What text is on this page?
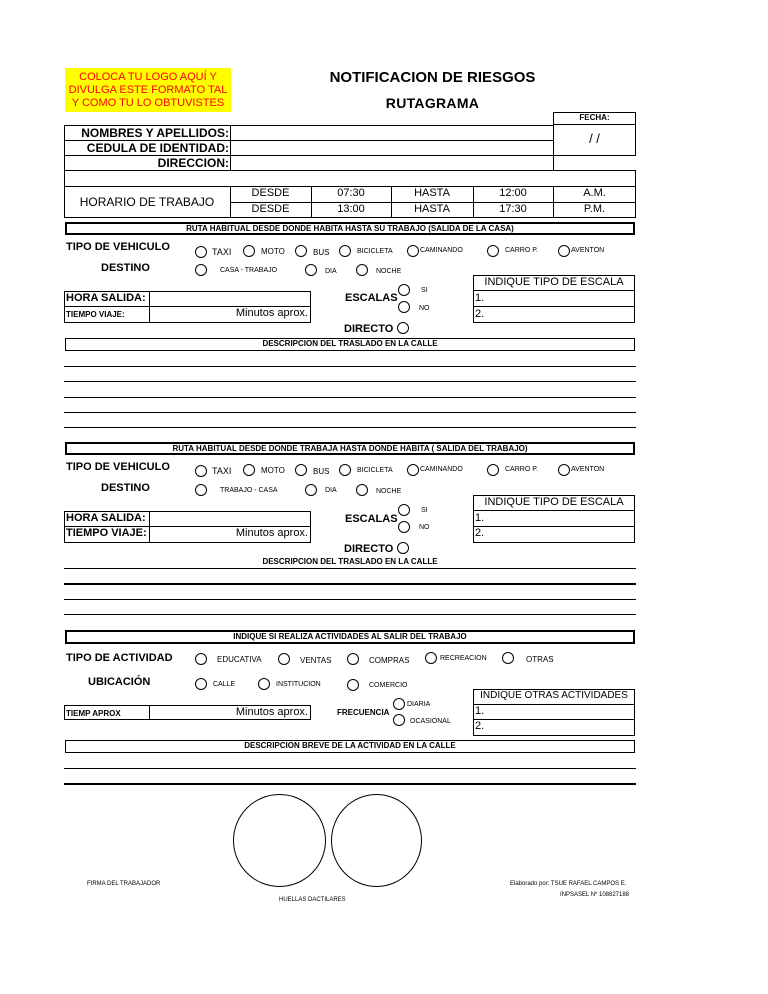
COLOCA TU LOGO AQUÍ Y DIVULGA ESTE FORMATO TAL Y COMO TU LO OBTUVISTES
NOTIFICACION DE RIESGOS
RUTAGRAMA
FECHA:
/ /
NOMBRES Y APELLIDOS:
CEDULA DE IDENTIDAD:
DIRECCION:
HORARIO DE TRABAJO
DESDE	07:30	HASTA	12:00	A.M.
DESDE	13:00	HASTA	17:30	P.M.
RUTA HABITUAL DESDE DONDE HABITA HASTA SU TRABAJO (SALIDA DE LA CASA)
TIPO DE VEHICULO	TAXI	MOTO	BUS	BICICLETA	CAMINANDO	CARRO P.	AVENTON
DESTINO	CASA - TRABAJO	DIA	NOCHE
HORA SALIDA:
TIEMPO VIAJE:	Minutos aprox.
ESCALAS
SI
NO
DIRECTO
INDIQUE TIPO DE ESCALA
1.
2.
DESCRIPCION DEL TRASLADO EN LA CALLE
RUTA HABITUAL DESDE DONDE TRABAJA HASTA DONDE HABITA ( SALIDA DEL TRABAJO)
TIPO DE VEHICULO	TAXI	MOTO	BUS	BICICLETA	CAMINANDO	CARRO P.	AVENTON
DESTINO	TRABAJO - CASA	DIA	NOCHE
HORA SALIDA:
TIEMPO VIAJE:	Minutos aprox.
ESCALAS
SI
NO
DIRECTO
INDIQUE TIPO DE ESCALA
1.
2.
DESCRIPCION DEL TRASLADO EN LA CALLE
INDIQUE SI REALIZA ACTIVIDADES AL SALIR DEL TRABAJO
TIPO DE ACTIVIDAD	EDUCATIVA	VENTAS	COMPRAS	RECREACION	OTRAS
UBICACIÓN	CALLE	INSTITUCION	COMERCIO
TIEMP APROX	Minutos aprox.	FRECUENCIA
DIARIA
OCASIONAL
INDIQUE OTRAS ACTIVIDADES
1.
2.
DESCRIPCION BREVE DE LA ACTIVIDAD EN LA CALLE
FIRMA DEL TRABAJADOR
HUELLAS DACTILARES
Elaborado por: TSUE RAFAEL CAMPOS E.
INPSASEL Nº 108827188
